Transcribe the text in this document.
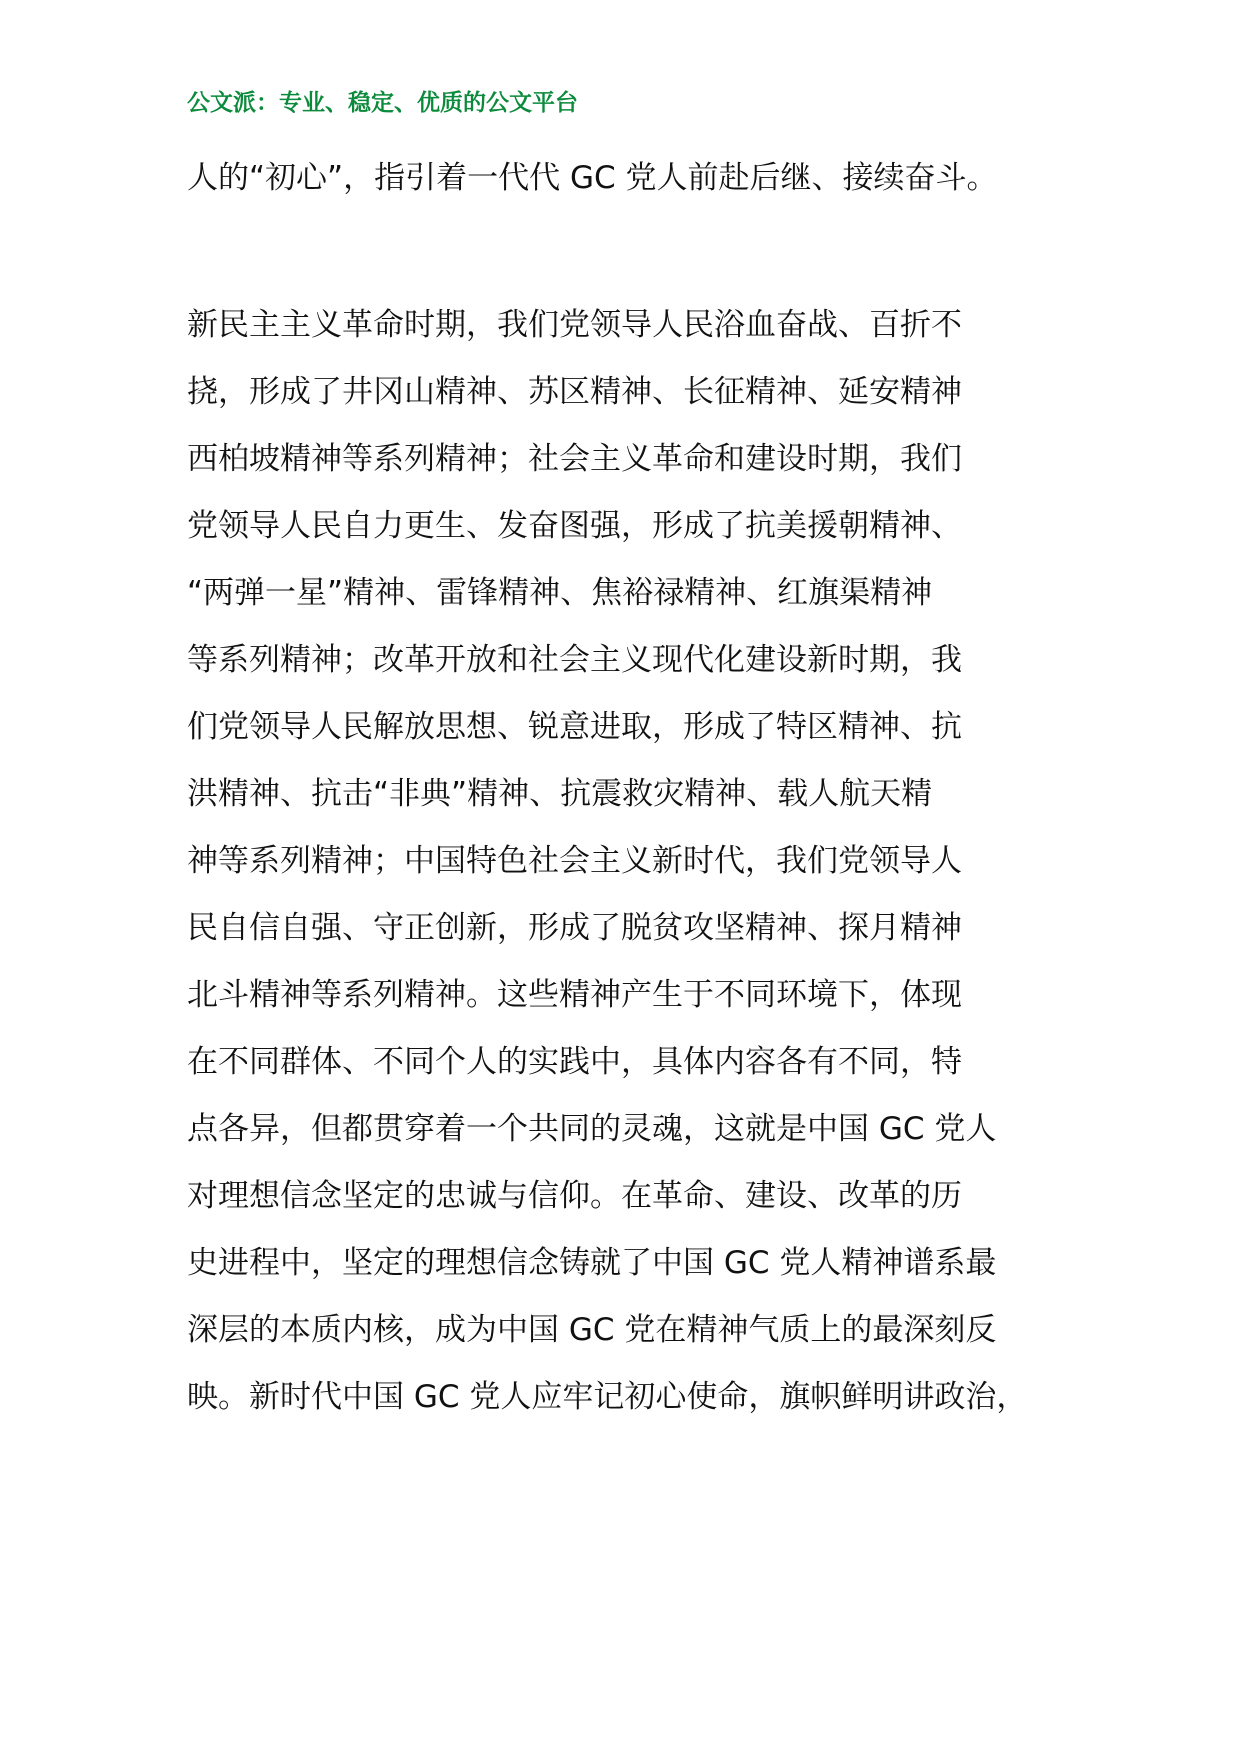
公文派：专业、稳定、优质的公文平台
人的“初心”，指引着一代代 GC 党人前赴后继、接续奋斗。
新民主主义革命时期，我们党领导人民浴血奋战、百折不
挠，形成了井冈山精神、苏区精神、长征精神、延安精神
西柏坡精神等系列精神；社会主义革命和建设时期，我们
党领导人民自力更生、发奋图强，形成了抗美援朝精神、
“两弹一星”精神、雷锋精神、焦裕禄精神、红旗渠精神
等系列精神；改革开放和社会主义现代化建设新时期，我
们党领导人民解放思想、锐意进取，形成了特区精神、抗
洪精神、抗击“非典”精神、抗震救灾精神、载人航天精
神等系列精神；中国特色社会主义新时代，我们党领导人
民自信自强、守正创新，形成了脱贫攻坚精神、探月精神
北斗精神等系列精神。这些精神产生于不同环境下，体现
在不同群体、不同个人的实践中，具体内容各有不同，特
点各异，但都贯穿着一个共同的灵魂，这就是中国 GC 党人
对理想信念坚定的忠诚与信仰。在革命、建设、改革的历
史进程中，坚定的理想信念铸就了中国 GC 党人精神谱系最
深层的本质内核，成为中国 GC 党在精神气质上的最深刻反
映。新时代中国 GC 党人应牢记初心使命，旗帜鲜明讲政治，
